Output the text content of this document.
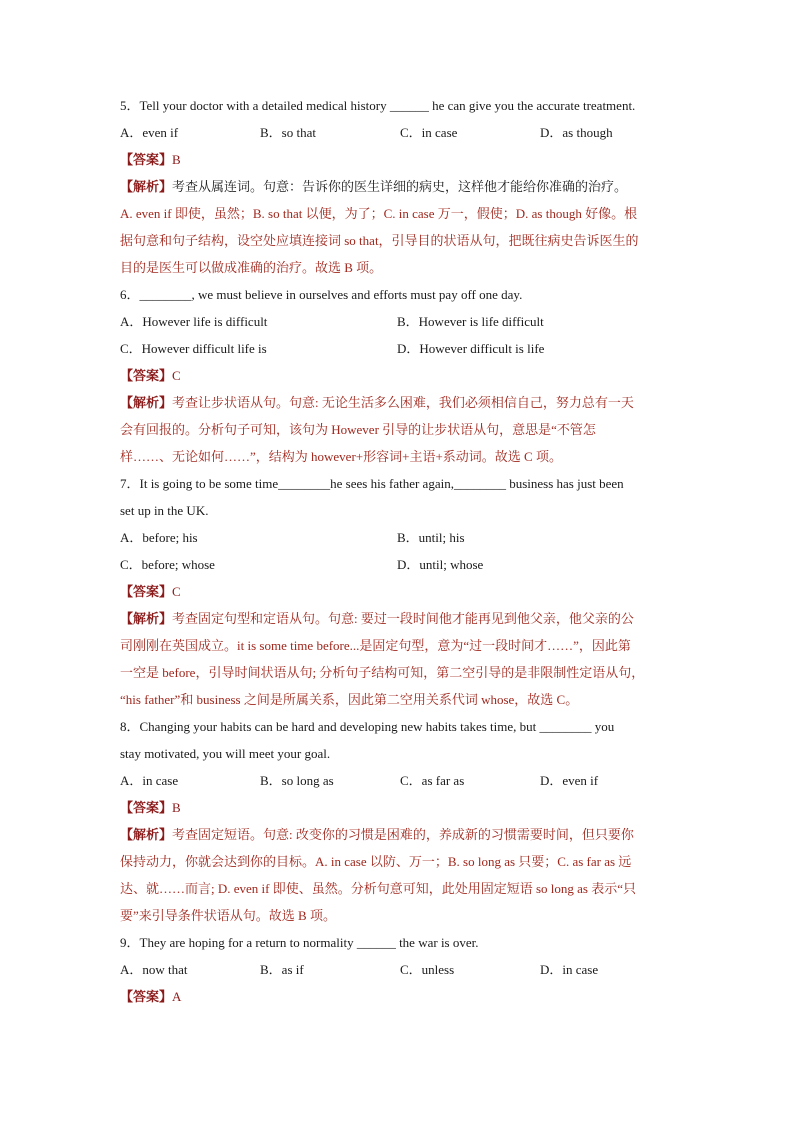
5．Tell your doctor with a detailed medical history ______ he can give you the accurate treatment.

A．even if	B．so that	C．in case	D．as though
【答案】B
【解析】考查从属连词。句意：告诉你的医生详细的病史，这样他才能给你准确的治疗。
A. even if 即使，虽然；B. so that 以便，为了；C. in case 万一，假使；D. as though 好像。根
据句意和句子结构，设空处应填连接词 so that，引导目的状语从句，把既往病史告诉医生的
目的是医生可以做成准确的治疗。故选 B 项。

6．________, we must believe in ourselves and efforts must pay off one day.

A．However life is difficult	B．However is life difficult
C．However difficult life is	D．However difficult is life
【答案】C
【解析】考查让步状语从句。句意: 无论生活多么困难，我们必须相信自己，努力总有一天
会有回报的。分析句子可知，该句为 However 引导的让步状语从句，意思是“不管怎
样……、无论如何……”，结构为 however+形容词+主语+系动词。故选 C 项。

7．It is going to be some time________he sees his father again,________ business has just been

set up in the UK.

A．before; his	B．until; his
C．before; whose	D．until; whose
【答案】C
【解析】考查固定句型和定语从句。句意: 要过一段时间他才能再见到他父亲，他父亲的公
司刚刚在英国成立。it is some time before...是固定句型，意为“过一段时间才……”，因此第
一空是 before，引导时间状语从句; 分析句子结构可知，第二空引导的是非限制性定语从句，
“his father”和 business 之间是所属关系，因此第二空用关系代词 whose，故选 C。

8．Changing your habits can be hard and developing new habits takes time, but ________ you

stay motivated, you will meet your goal.

A．in case	B．so long as	C．as far as	D．even if
【答案】B
【解析】考查固定短语。句意: 改变你的习惯是困难的，养成新的习惯需要时间，但只要你
保持动力，你就会达到你的目标。A. in case 以防、万一；B. so long as 只要；C. as far as 远
达、就……而言; D. even if 即使、虽然。分析句意可知，此处用固定短语 so long as 表示“只
要”来引导条件状语从句。故选 B 项。

9．They are hoping for a return to normality ______ the war is over.

A．now that	B．as if	C．unless	D．in case
【答案】A
